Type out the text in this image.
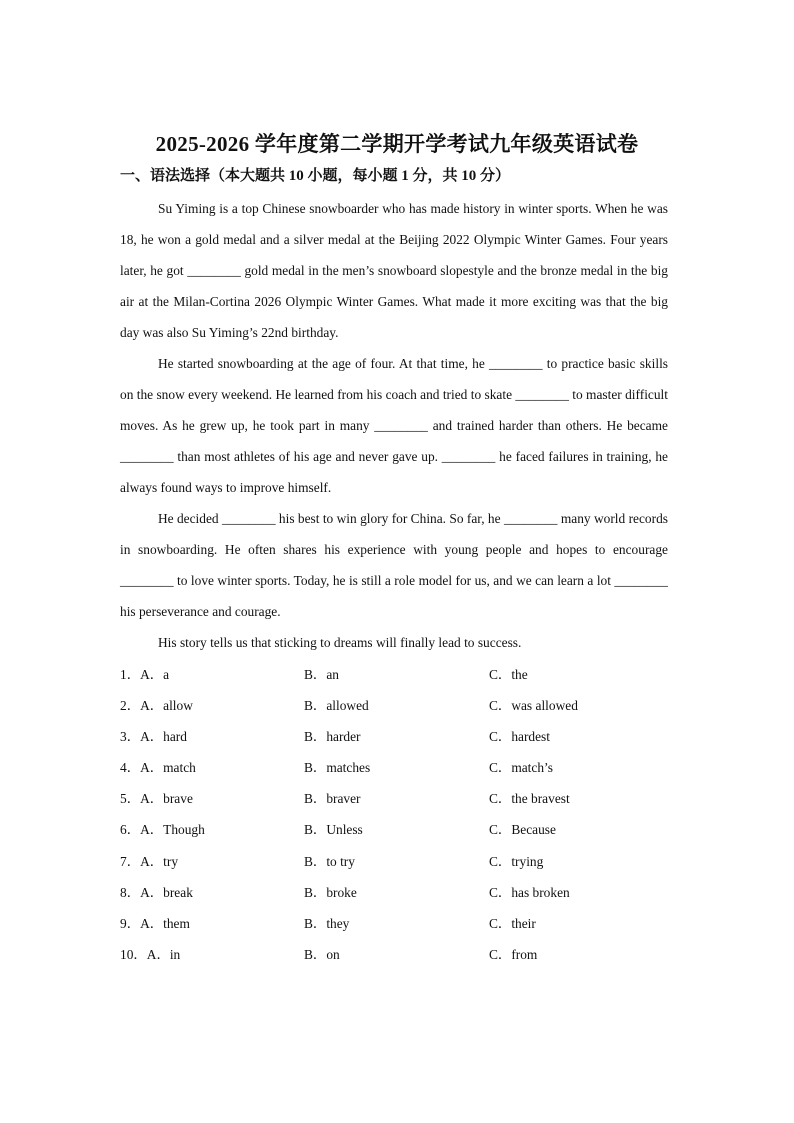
2025-2026 学年度第二学期开学考试九年级英语试卷
一、语法选择（本大题共 10 小题，每小题 1 分，共 10 分）

Su Yiming is a top Chinese snowboarder who has made history in winter sports. When he was 18, he won a gold medal and a silver medal at the Beijing 2022 Olympic Winter Games. Four years later, he got ________ gold medal in the men’s snowboard slopestyle and the bronze medal in the big air at the Milan-Cortina 2026 Olympic Winter Games. What made it more exciting was that the big day was also Su Yiming’s 22nd birthday.

He started snowboarding at the age of four. At that time, he ________ to practice basic skills on the snow every weekend. He learned from his coach and tried to skate ________ to master difficult moves. As he grew up, he took part in many ________ and trained harder than others. He became ________ than most athletes of his age and never gave up. ________ he faced failures in training, he always found ways to improve himself.

He decided ________ his best to win glory for China. So far, he ________ many world records in snowboarding. He often shares his experience with young people and hopes to encourage ________ to love winter sports. Today, he is still a role model for us, and we can learn a lot ________ his perseverance and courage.

His story tells us that sticking to dreams will finally lead to success.

1．A．a	B．an	C．the
2．A．allow	B．allowed	C．was allowed
3．A．hard	B．harder	C．hardest
4．A．match	B．matches	C．match’s
5．A．brave	B．braver	C．the bravest
6．A．Though	B．Unless	C．Because
7．A．try	B．to try	C．trying
8．A．break	B．broke	C．has broken
9．A．them	B．they	C．their
10．A．in	B．on	C．from
